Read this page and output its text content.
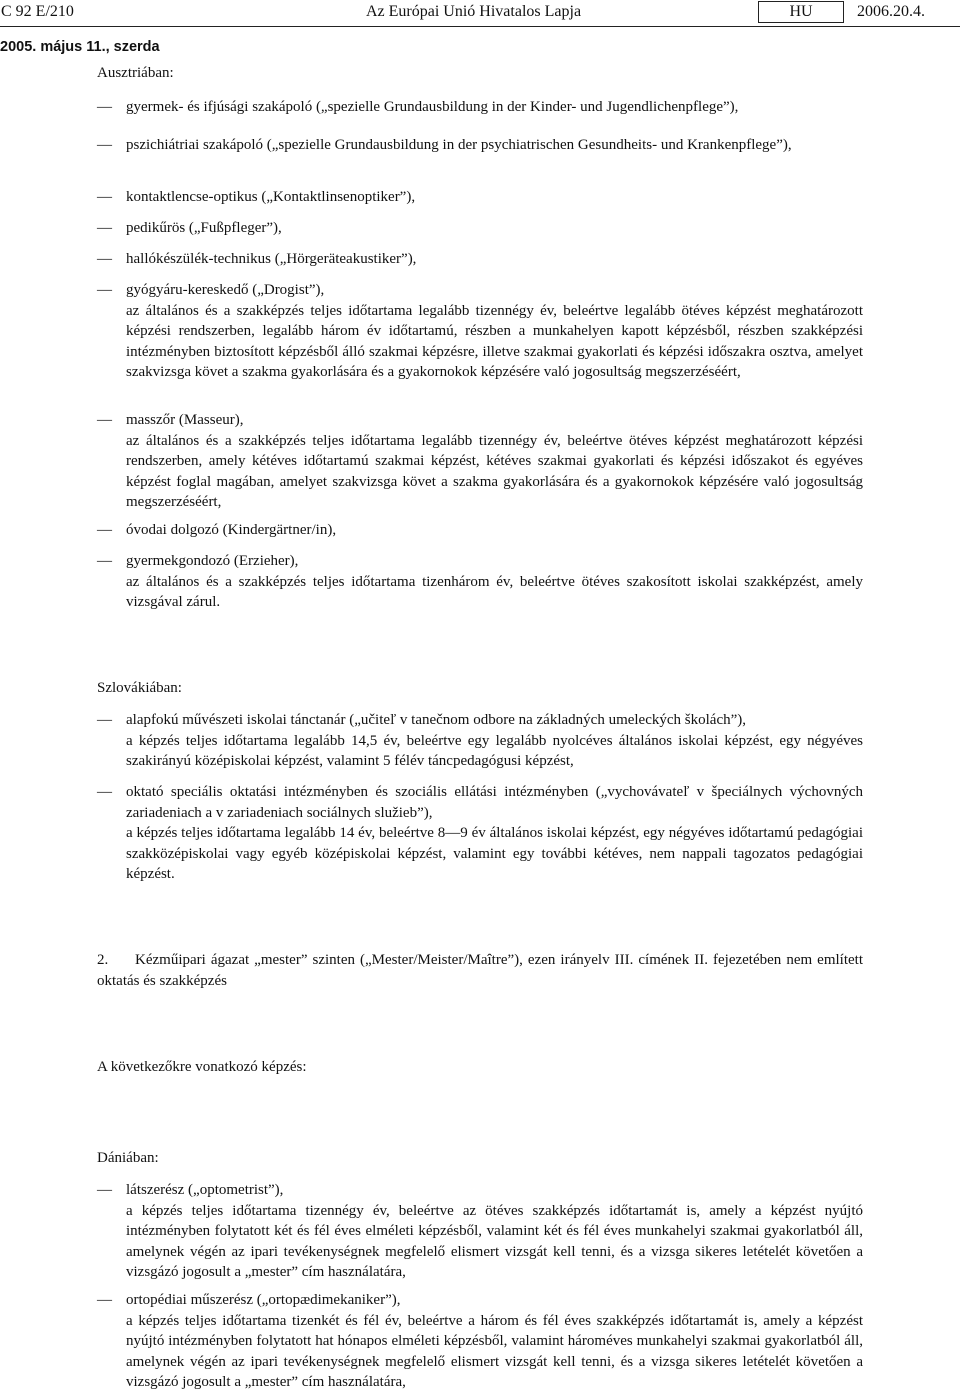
C 92 E/210	Az Európai Unió Hivatalos Lapja	HU	2006.20.4.
2005. május 11., szerda
Ausztriában:
— gyermek- és ifjúsági szakápoló („spezielle Grundausbildung in der Kinder- und Jugendlichenpflege”),

— pszichiátriai szakápoló („spezielle Grundausbildung in der psychiatrischen Gesundheits- und Krankenpflege”),

— kontaktlencse-optikus („Kontaktlinsenoptiker”),

— pedikűrös („Fußpfleger”),

— hallókészülék-technikus („Hörgeräteakustiker”),

— gyógyáru-kereskedő („Drogist”),

az általános és a szakképzés teljes időtartama legalább tizennégy év, beleértve legalább ötéves képzést meghatározott képzési rendszerben, legalább három év időtartamú, részben a munkahelyen kapott képzésből, részben szakképzési intézményben biztosított képzésből álló szakmai képzésre, illetve szakmai gyakorlati és képzési időszakra osztva, amelyet szakvizsga követ a szakma gyakorlására és a gyakornokok képzésére való jogosultság megszerzéséért,

— masszőr (Masseur),

az általános és a szakképzés teljes időtartama legalább tizennégy év, beleértve ötéves képzést meghatározott képzési rendszerben, amely kétéves időtartamú szakmai képzést, kétéves szakmai gyakorlati és képzési időszakot és egyéves képzést foglal magában, amelyet szakvizsga követ a szakma gyakorlására és a gyakornokok képzésére való jogosultság megszerzéséért,

— óvodai dolgozó (Kindergärtner/in),

— gyermekgondozó (Erzieher),

az általános és a szakképzés teljes időtartama tizenhárom év, beleértve ötéves szakosított iskolai szakképzést, amely vizsgával zárul.

Szlovákiában:
— alapfokú művészeti iskolai tánctanár („učiteľ v tanečnom odbore na základných umeleckých školách”),

a képzés teljes időtartama legalább 14,5 év, beleértve egy legalább nyolcéves általános iskolai képzést, egy négyéves szakirányú középiskolai képzést, valamint 5 félév táncpedagógusi képzést,

— oktató speciális oktatási intézményben és szociális ellátási intézményben („vychovávateľ v špeciálnych výchovných zariadeniach a v zariadeniach sociálnych služieb”),

a képzés teljes időtartama legalább 14 év, beleértve 8—9 év általános iskolai képzést, egy négyéves időtartamú pedagógiai szakközépiskolai vagy egyéb középiskolai képzést, valamint egy további kétéves, nem nappali tagozatos pedagógiai képzést.

2. Kézműipari ágazat „mester” szinten („Mester/Meister/Maître”), ezen irányelv III. címének II. fejezetében nem említett oktatás és szakképzés
A következőkre vonatkozó képzés:
Dániában:
— látszerész („optometrist”),

a képzés teljes időtartama tizennégy év, beleértve az ötéves szakképzés időtartamát is, amely a képzést nyújtó intézményben folytatott két és fél éves elméleti képzésből, valamint két és fél éves munkahelyi szakmai gyakorlatból áll, amelynek végén az ipari tevékenységnek megfelelő elismert vizsgát kell tenni, és a vizsga sikeres letételét követően a vizsgázó jogosult a „mester” cím használatára,

— ortopédiai műszerész („ortopædimekaniker”),

a képzés teljes időtartama tizenkét és fél év, beleértve a három és fél éves szakképzés időtartamát is, amely a képzést nyújtó intézményben folytatott hat hónapos elméleti képzésből, valamint hároméves munkahelyi szakmai gyakorlatból áll, amelynek végén az ipari tevékenységnek megfelelő elismert vizsgát kell tenni, és a vizsga sikeres letételét követően a vizsgázó jogosult a „mester” cím használatára,
